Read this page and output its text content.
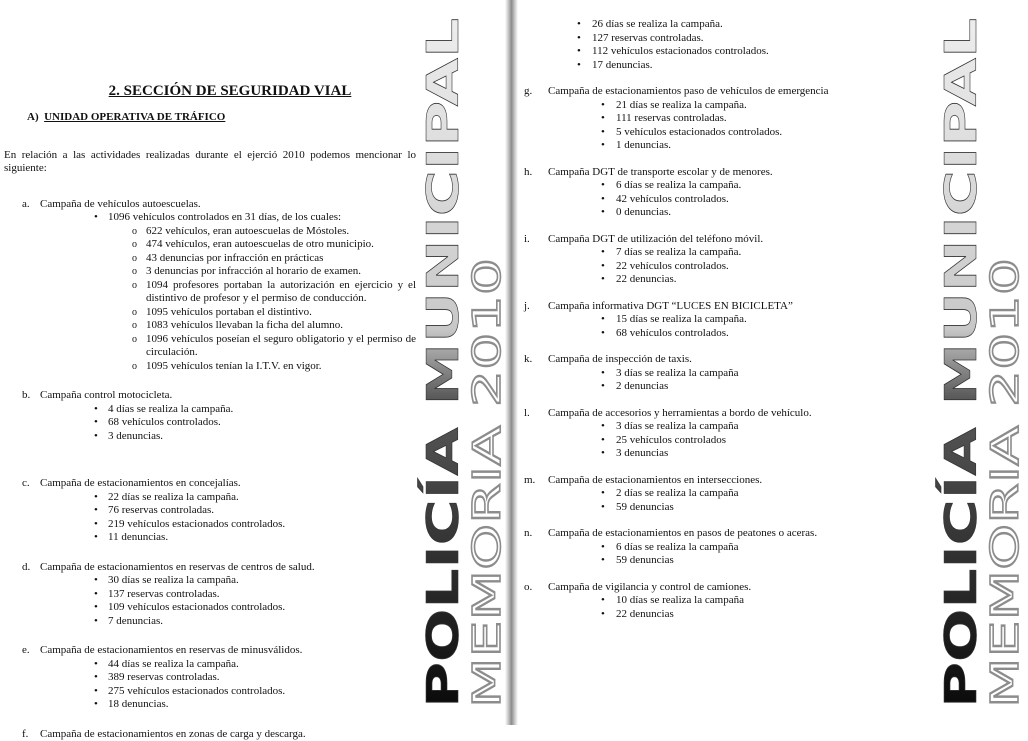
2. SECCIÓN DE SEGURIDAD VIAL
A) UNIDAD OPERATIVA DE TRÁFICO
En relación a las actividades realizadas durante el ejerció 2010 podemos mencionar lo siguiente:
a. Campaña de vehículos autoescuelas.
• 1096 vehículos controlados en 31 días, de los cuales:
o 622 vehículos, eran autoescuelas de Móstoles.
o 474 vehículos, eran autoescuelas de otro municipio.
o 43 denuncias por infracción en prácticas
o 3 denuncias por infracción al horario de examen.
o 1094 profesores portaban la autorización en ejercicio y el distintivo de profesor y el permiso de conducción.
o 1095 vehículos portaban el distintivo.
o 1083 vehículos llevaban la ficha del alumno.
o 1096 vehículos poseían el seguro obligatorio y el permiso de circulación.
o 1095 vehículos tenían la I.T.V. en vigor.
b. Campaña control motocicleta.
• 4 días se realiza la campaña.
• 68 vehículos controlados.
• 3 denuncias.
c. Campaña de estacionamientos en concejalías.
• 22 días se realiza la campaña.
• 76 reservas controladas.
• 219 vehículos estacionados controlados.
• 11 denuncias.
d. Campaña de estacionamientos en reservas de centros de salud.
• 30 días se realiza la campaña.
• 137 reservas controladas.
• 109 vehículos estacionados controlados.
• 7 denuncias.
e. Campaña de estacionamientos en reservas de minusválidos.
• 44 días se realiza la campaña.
• 389 reservas controladas.
• 275 vehículos estacionados controlados.
• 18 denuncias.
f. Campaña de estacionamientos en zonas de carga y descarga.
POLICÍA MUNICIPAL
MEMORIA 2010
• 26 días se realiza la campaña.
• 127 reservas controladas.
• 112 vehículos estacionados controlados.
• 17 denuncias.
g. Campaña de estacionamientos paso de vehículos de emergencia
• 21 días se realiza la campaña.
• 111 reservas controladas.
• 5 vehículos estacionados controlados.
• 1 denuncias.
h. Campaña DGT de transporte escolar y de menores.
• 6 días se realiza la campaña.
• 42 vehículos controlados.
• 0 denuncias.
i. Campaña DGT de utilización del teléfono móvil.
• 7 días se realiza la campaña.
• 22 vehículos controlados.
• 22 denuncias.
j. Campaña informativa DGT “LUCES EN BICICLETA”
• 15 días se realiza la campaña.
• 68 vehículos controlados.
k. Campaña de inspección de taxis.
• 3 días se realiza la campaña
• 2 denuncias
l. Campaña de accesorios y herramientas a bordo de vehículo.
• 3 días se realiza la campaña
• 25 vehículos controlados
• 3 denuncias
m. Campaña de estacionamientos en intersecciones.
• 2 días se realiza la campaña
• 59 denuncias
n. Campaña de estacionamientos en pasos de peatones o aceras.
• 6 días se realiza la campaña
• 59 denuncias
o. Campaña de vigilancia y control de camiones.
• 10 días se realiza la campaña
• 22 denuncias	POLICÍA MUNICIPAL
MEMORIA 2010
